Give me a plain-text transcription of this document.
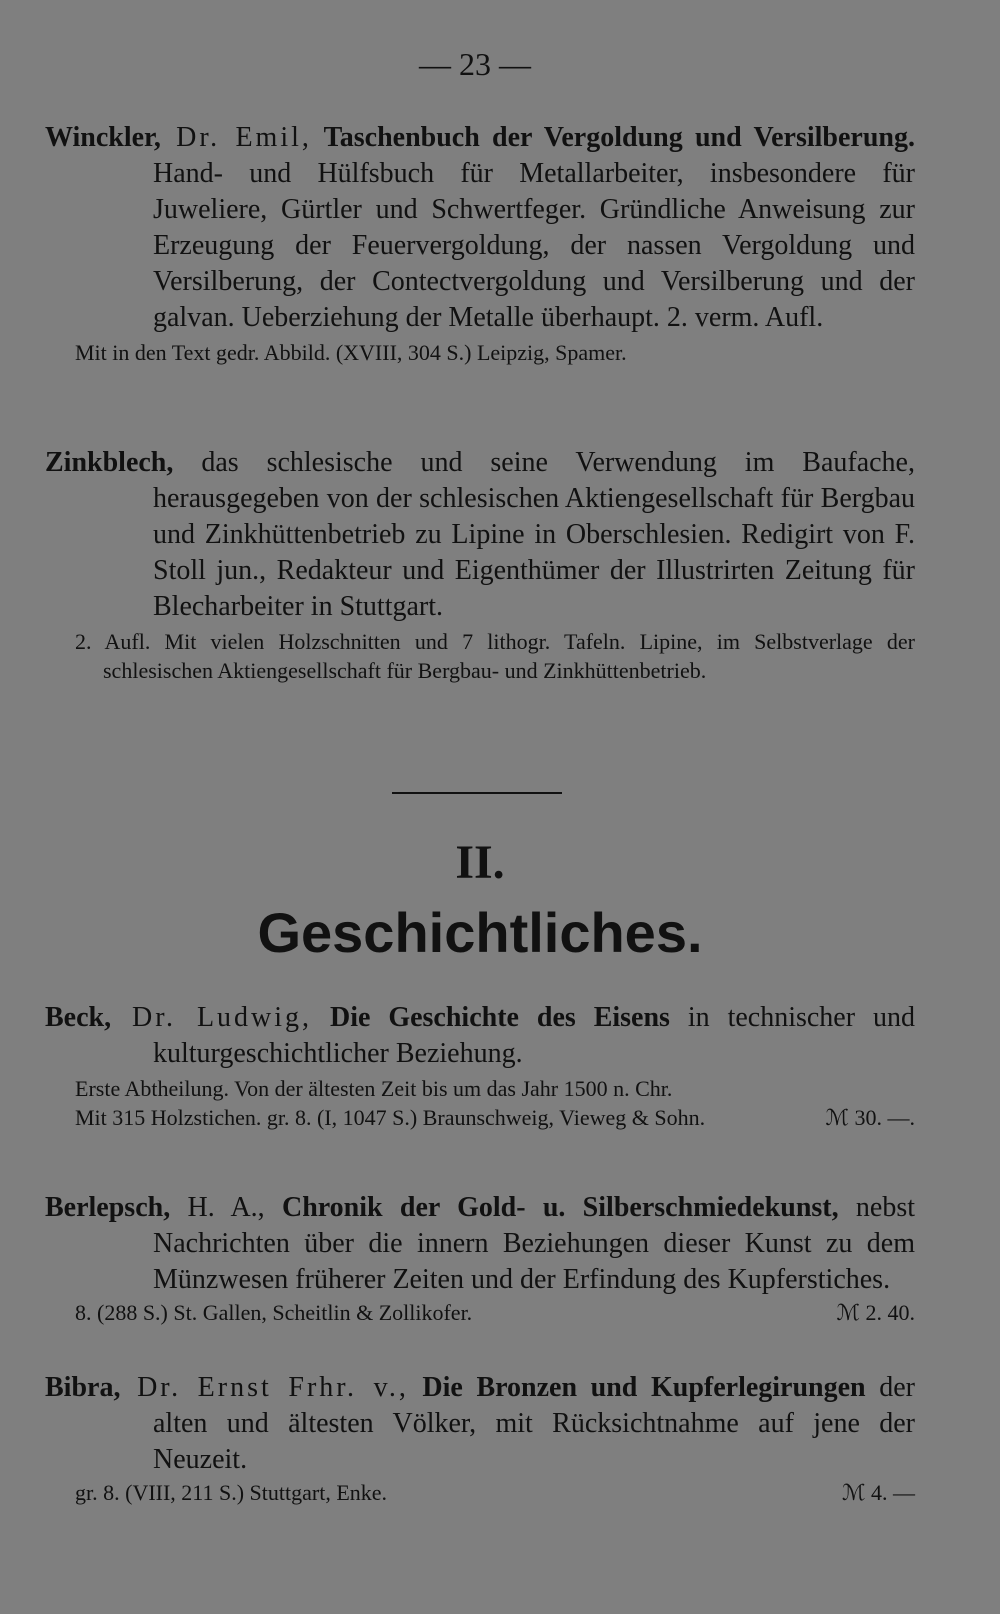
— 23 —

Winckler, Dr. Emil, Taschenbuch der Vergoldung und Versilberung. Hand- und Hülfsbuch für Metallarbeiter, insbesondere für Juweliere, Gürtler und Schwertfeger. Gründliche Anweisung zur Erzeugung der Feuervergoldung, der nassen Vergoldung und Versilberung, der Contectvergoldung und Versilberung und der galvan. Ueberziehung der Metalle überhaupt. 2. verm. Aufl.

Mit in den Text gedr. Abbild. (XVIII, 304 S.) Leipzig, Spamer.

Zinkblech, das schlesische und seine Verwendung im Baufache, herausgegeben von der schlesischen Aktiengesellschaft für Bergbau und Zinkhüttenbetrieb zu Lipine in Oberschlesien. Redigirt von F. Stoll jun., Redakteur und Eigenthümer der Illustrirten Zeitung für Blecharbeiter in Stuttgart.

2. Aufl. Mit vielen Holzschnitten und 7 lithogr. Tafeln. Lipine, im Selbstverlage der schlesischen Aktiengesellschaft für Bergbau- und Zinkhüttenbetrieb.

II.
Geschichtliches.

Beck, Dr. Ludwig, Die Geschichte des Eisens in technischer und kulturgeschichtlicher Beziehung.

Erste Abtheilung. Von der ältesten Zeit bis um das Jahr 1500 n. Chr.

Mit 315 Holzstichen. gr. 8. (I, 1047 S.) Braunschweig, Vieweg & Sohn.	ℳ 30. —.

Berlepsch, H. A., Chronik der Gold- u. Silberschmiedekunst, nebst Nachrichten über die innern Beziehungen dieser Kunst zu dem Münzwesen früherer Zeiten und der Erfindung des Kupferstiches.

8. (288 S.) St. Gallen, Scheitlin & Zollikofer.	ℳ 2. 40.

Bibra, Dr. Ernst Frhr. v., Die Bronzen und Kupferlegirungen der alten und ältesten Völker, mit Rücksichtnahme auf jene der Neuzeit.

gr. 8. (VIII, 211 S.) Stuttgart, Enke.	ℳ 4. —
